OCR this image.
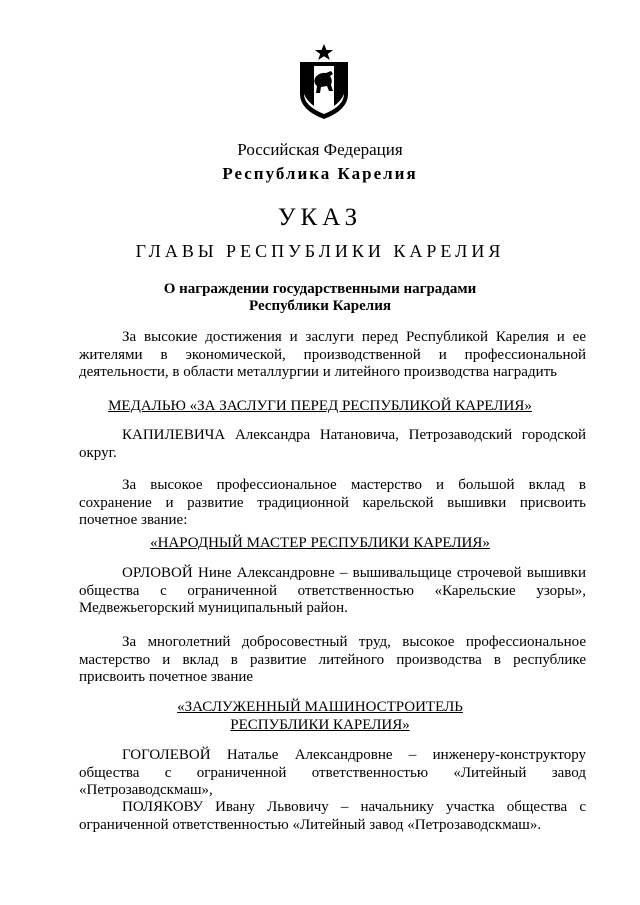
Российская Федерация
Республика Карелия
УКАЗ
ГЛАВЫ РЕСПУБЛИКИ КАРЕЛИЯ
О награждении государственными наградами
Республики Карелия
За высокие достижения и заслуги перед Республикой Карелия и ее жителями в экономической, производственной и профессиональной деятельности, в области металлургии и литейного производства наградить
МЕДАЛЬЮ «ЗА ЗАСЛУГИ ПЕРЕД РЕСПУБЛИКОЙ КАРЕЛИЯ»
КАПИЛЕВИЧА Александра Натановича, Петрозаводский городской округ.
За высокое профессиональное мастерство и большой вклад в сохранение и развитие традиционной карельской вышивки присвоить почетное звание:
«НАРОДНЫЙ МАСТЕР РЕСПУБЛИКИ КАРЕЛИЯ»
ОРЛОВОЙ Нине Александровне – вышивальщице строчевой вышивки общества с ограниченной ответственностью «Карельские узоры», Медвежьегорский муниципальный район.
За многолетний добросовестный труд, высокое профессиональное мастерство и вклад в развитие литейного производства в республике присвоить почетное звание
«ЗАСЛУЖЕННЫЙ МАШИНОСТРОИТЕЛЬ
РЕСПУБЛИКИ КАРЕЛИЯ»
ГОГОЛЕВОЙ Наталье Александровне – инженеру-конструктору общества с ограниченной ответственностью «Литейный завод «Петрозаводскмаш»,
ПОЛЯКОВУ Ивану Львовичу – начальнику участка общества с ограниченной ответственностью «Литейный завод «Петрозаводскмаш».
